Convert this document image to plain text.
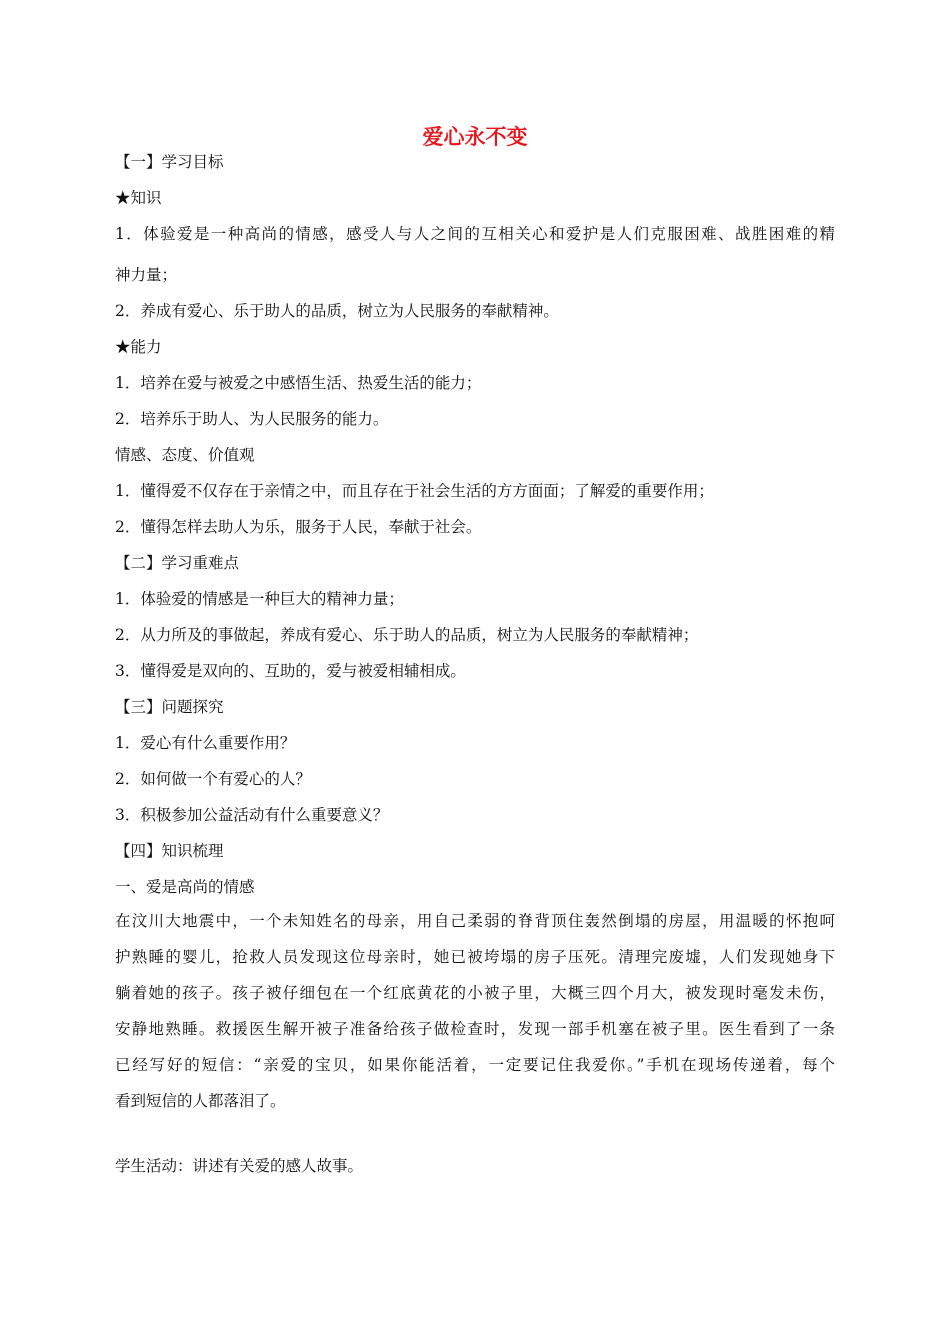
爱心永不变
【一】学习目标
★知识
1．体验爱是一种高尚的情感，感受人与人之间的互相关心和爱护是人们克服困难、战胜困难的精
神力量；
2．养成有爱心、乐于助人的品质，树立为人民服务的奉献精神。
★能力
1．培养在爱与被爱之中感悟生活、热爱生活的能力；
2．培养乐于助人、为人民服务的能力。
情感、态度、价值观
1．懂得爱不仅存在于亲情之中，而且存在于社会生活的方方面面；了解爱的重要作用；
2．懂得怎样去助人为乐，服务于人民，奉献于社会。
【二】学习重难点
1．体验爱的情感是一种巨大的精神力量；
2．从力所及的事做起，养成有爱心、乐于助人的品质，树立为人民服务的奉献精神；
3．懂得爱是双向的、互助的，爱与被爱相辅相成。
【三】问题探究
1．爱心有什么重要作用？
2．如何做一个有爱心的人？
3．积极参加公益活动有什么重要意义？
【四】知识梳理
一、爱是高尚的情感
在汶川大地震中，一个未知姓名的母亲，用自己柔弱的脊背顶住轰然倒塌的房屋，用温暖的怀抱呵
护熟睡的婴儿，抢救人员发现这位母亲时，她已被垮塌的房子压死。清理完废墟，人们发现她身下
躺着她的孩子。孩子被仔细包在一个红底黄花的小被子里，大概三四个月大，被发现时毫发未伤，
安静地熟睡。救援医生解开被子准备给孩子做检查时，发现一部手机塞在被子里。医生看到了一条
已经写好的短信：“亲爱的宝贝，如果你能活着，一定要记住我爱你。”手机在现场传递着，每个
看到短信的人都落泪了。
学生活动：讲述有关爱的感人故事。
